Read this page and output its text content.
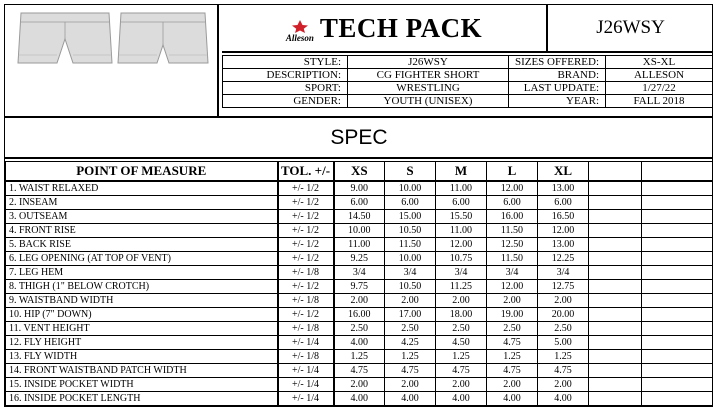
Alleson TECH PACK	J26WSY
STYLE:	J26WSY	SIZES OFFERED:	XS-XL
DESCRIPTION:	CG FIGHTER SHORT	BRAND:	ALLESON
SPORT:	WRESTLING	LAST UPDATE:	1/27/22
GENDER:	YOUTH (UNISEX)	YEAR:	FALL 2018
SPEC
POINT OF MEASURE	TOL. +/-	XS	S	M	L	XL		
1. WAIST RELAXED	+/- 1/2	9.00	10.00	11.00	12.00	13.00		
2. INSEAM	+/- 1/2	6.00	6.00	6.00	6.00	6.00		
3. OUTSEAM	+/- 1/2	14.50	15.00	15.50	16.00	16.50		
4. FRONT RISE	+/- 1/2	10.00	10.50	11.00	11.50	12.00		
5. BACK RISE	+/- 1/2	11.00	11.50	12.00	12.50	13.00		
6. LEG OPENING (AT TOP OF VENT)	+/- 1/2	9.25	10.00	10.75	11.50	12.25		
7. LEG HEM	+/- 1/8	3/4	3/4	3/4	3/4	3/4		
8. THIGH (1" BELOW CROTCH)	+/- 1/2	9.75	10.50	11.25	12.00	12.75		
9. WAISTBAND WIDTH	+/- 1/8	2.00	2.00	2.00	2.00	2.00		
10. HIP (7" DOWN)	+/- 1/2	16.00	17.00	18.00	19.00	20.00		
11. VENT HEIGHT	+/- 1/8	2.50	2.50	2.50	2.50	2.50		
12. FLY HEIGHT	+/- 1/4	4.00	4.25	4.50	4.75	5.00		
13. FLY WIDTH	+/- 1/8	1.25	1.25	1.25	1.25	1.25		
14. FRONT WAISTBAND PATCH WIDTH	+/- 1/4	4.75	4.75	4.75	4.75	4.75		
15. INSIDE POCKET WIDTH	+/- 1/4	2.00	2.00	2.00	2.00	2.00		
16. INSIDE POCKET LENGTH	+/- 1/4	4.00	4.00	4.00	4.00	4.00		
